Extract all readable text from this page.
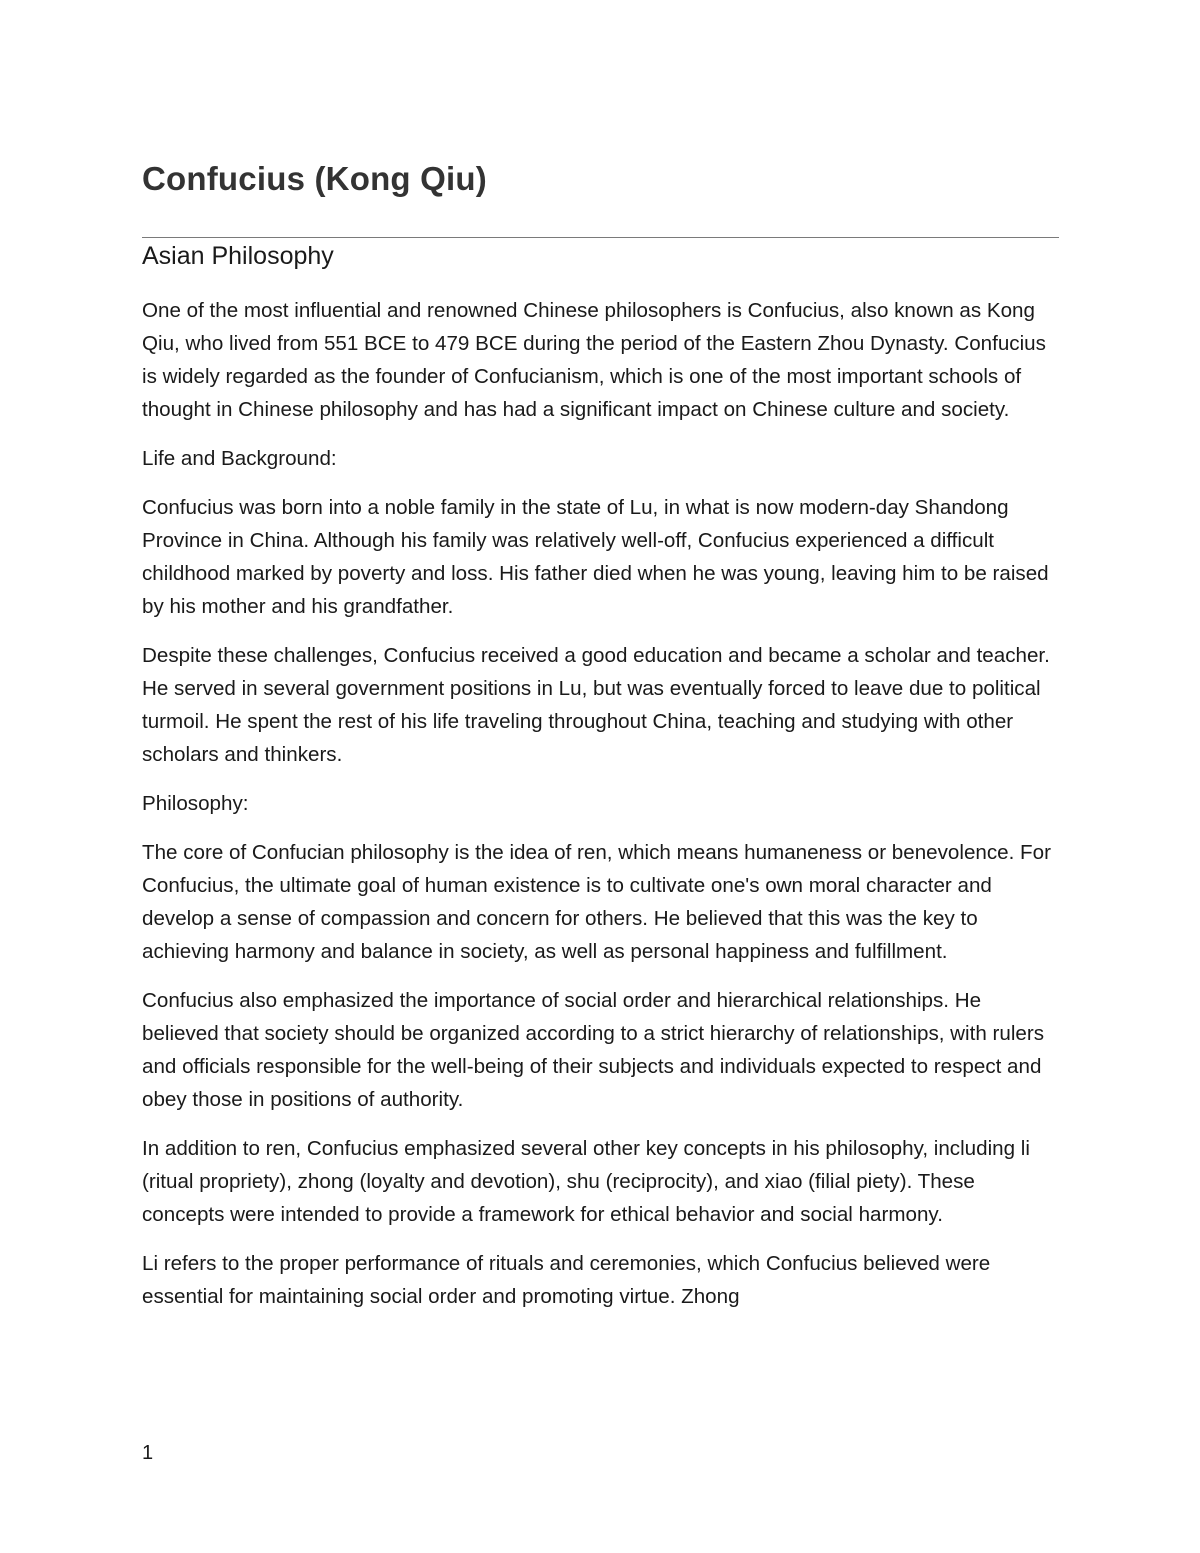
Confucius (Kong Qiu)
Asian Philosophy

One of the most influential and renowned Chinese philosophers is Confucius, also known as Kong Qiu, who lived from 551 BCE to 479 BCE during the period of the Eastern Zhou Dynasty. Confucius is widely regarded as the founder of Confucianism, which is one of the most important schools of thought in Chinese philosophy and has had a significant impact on Chinese culture and society.

Life and Background:

Confucius was born into a noble family in the state of Lu, in what is now modern-day Shandong Province in China. Although his family was relatively well-off, Confucius experienced a difficult childhood marked by poverty and loss. His father died when he was young, leaving him to be raised by his mother and his grandfather.

Despite these challenges, Confucius received a good education and became a scholar and teacher. He served in several government positions in Lu, but was eventually forced to leave due to political turmoil. He spent the rest of his life traveling throughout China, teaching and studying with other scholars and thinkers.

Philosophy:

The core of Confucian philosophy is the idea of ren, which means humaneness or benevolence. For Confucius, the ultimate goal of human existence is to cultivate one's own moral character and develop a sense of compassion and concern for others. He believed that this was the key to achieving harmony and balance in society, as well as personal happiness and fulfillment.

Confucius also emphasized the importance of social order and hierarchical relationships. He believed that society should be organized according to a strict hierarchy of relationships, with rulers and officials responsible for the well-being of their subjects and individuals expected to respect and obey those in positions of authority.

In addition to ren, Confucius emphasized several other key concepts in his philosophy, including li (ritual propriety), zhong (loyalty and devotion), shu (reciprocity), and xiao (filial piety). These concepts were intended to provide a framework for ethical behavior and social harmony.

Li refers to the proper performance of rituals and ceremonies, which Confucius believed were essential for maintaining social order and promoting virtue. Zhong

1
